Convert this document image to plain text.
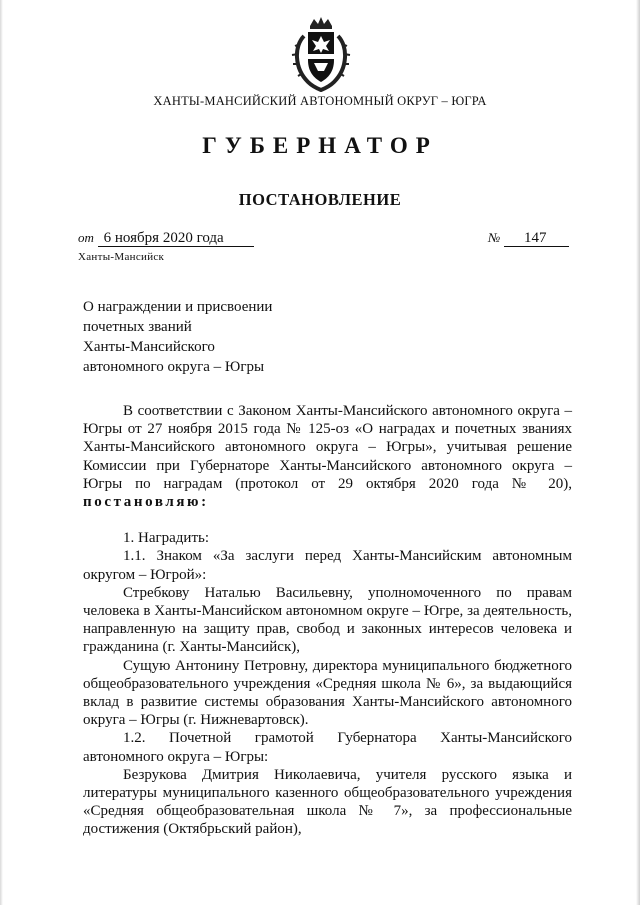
ХАНТЫ-МАНСИЙСКИЙ АВТОНОМНЫЙ ОКРУГ – ЮГРА
ГУБЕРНАТОР
ПОСТАНОВЛЕНИЕ
от 6 ноября 2020 года	№ 147
Ханты-Мансийск
О награждении и присвоении
почетных званий
Ханты-Мансийского
автономного округа – Югры
В соответствии с Законом Ханты-Мансийского автономного округа – Югры от 27 ноября 2015 года № 125-оз «О наградах и почетных званиях Ханты-Мансийского автономного округа – Югры», учитывая решение Комиссии при Губернаторе Ханты-Мансийского автономного округа – Югры по наградам (протокол от 29 октября 2020 года № 20), постановляю:
1. Наградить:
1.1. Знаком «За заслуги перед Ханты-Мансийским автономным округом – Югрой»:
Стребкову Наталью Васильевну, уполномоченного по правам человека в Ханты-Мансийском автономном округе – Югре, за деятельность, направленную на защиту прав, свобод и законных интересов человека и гражданина (г. Ханты-Мансийск),
Сущую Антонину Петровну, директора муниципального бюджетного общеобразовательного учреждения «Средняя школа № 6», за выдающийся вклад в развитие системы образования Ханты-Мансийского автономного округа – Югры (г. Нижневартовск).
1.2. Почетной грамотой Губернатора Ханты-Мансийского автономного округа – Югры:
Безрукова Дмитрия Николаевича, учителя русского языка и литературы муниципального казенного общеобразовательного учреждения «Средняя общеобразовательная школа № 7», за профессиональные достижения (Октябрьский район),
